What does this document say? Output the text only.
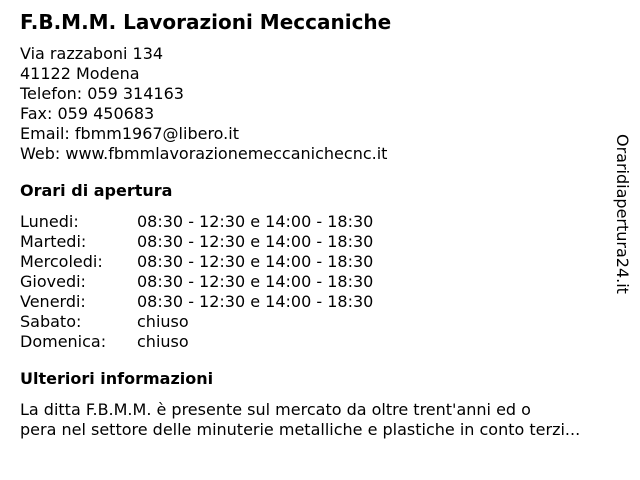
F.B.M.M. Lavorazioni Meccaniche
Via razzaboni 134
41122 Modena
Telefon: 059 314163
Fax: 059 450683
Email: fbmm1967@libero.it
Web: www.fbmmlavorazionemeccanichecnc.it
Orari di apertura
Lunedi:	08:30 - 12:30 e 14:00 - 18:30
Martedi:	08:30 - 12:30 e 14:00 - 18:30
Mercoledi:	08:30 - 12:30 e 14:00 - 18:30
Giovedi:	08:30 - 12:30 e 14:00 - 18:30
Venerdi:	08:30 - 12:30 e 14:00 - 18:30
Sabato:	chiuso
Domenica:	chiuso
Ulteriori informazioni
La ditta F.B.M.M. è presente sul mercato da oltre trent'anni ed o
pera nel settore delle minuterie metalliche e plastiche in conto terzi...
Oraridiapertura24.it
